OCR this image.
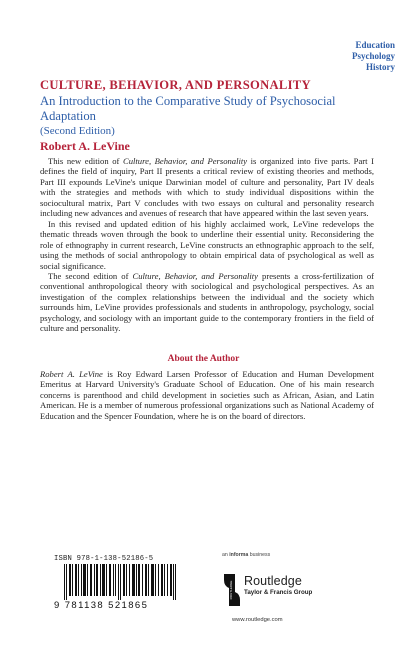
Education
Psychology
History
CULTURE, BEHAVIOR, AND PERSONALITY
An Introduction to the Comparative Study of Psychosocial Adaptation
(Second Edition)
Robert A. LeVine

This new edition of Culture, Behavior, and Personality is organized into five parts. Part I defines the field of inquiry, Part II presents a critical review of existing theories and methods, Part III expounds LeVine's unique Darwinian model of culture and personality, Part IV deals with the strategies and methods with which to study individual dispositions within the sociocultural matrix, Part V concludes with two essays on cultural and personality research including new advances and avenues of research that have appeared within the last seven years.

In this revised and updated edition of his highly acclaimed work, LeVine redevelops the thematic threads woven through the book to underline their essential unity. Reconsidering the role of ethnography in current research, LeVine constructs an ethnographic approach to the self, using the methods of social anthropology to obtain empirical data of psychological as well as social significance.

The second edition of Culture, Behavior, and Personality presents a cross-fertilization of conventional anthropological theory with sociological and psychological perspectives. As an investigation of the complex relationships between the individual and the society which surrounds him, LeVine provides professionals and students in anthropology, psychology, social psychology, and sociology with an important guide to the contemporary frontiers in the field of culture and personality.

About the Author
Robert A. LeVine is Roy Edward Larsen Professor of Education and Human Development Emeritus at Harvard University's Graduate School of Education. One of his main research concerns is parenthood and child development in societies such as African, Asian, and Latin American. He is a member of numerous professional organizations such as National Academy of Education and the Spencer Foundation, where he is on the board of directors.
ISBN 978-1-138-52186-5
9 781138 521865
an informa business
ROUTLEDGE Routledge
Taylor & Francis Group
www.routledge.com
